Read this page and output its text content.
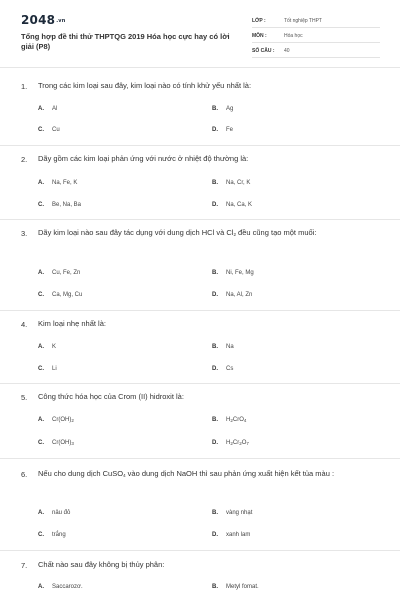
2048.vn
Tổng hợp đề thi thử THPTQG 2019 Hóa học cực hay có lời giải (P8)
LỚP :	Tốt nghiệp THPT
MÔN :	Hóa học
SỐ CÂU : 40
1. Trong các kim loại sau đây, kim loại nào có tính khử yếu nhất là:
A. Al	B. Ag
C. Cu	D. Fe
2. Dãy gồm các kim loại phản ứng với nước ở nhiệt độ thường là:
A. Na, Fe, K	B. Na, Cr, K
C. Be, Na, Ba	D. Na, Ca, K
3. Dãy kim loại nào sau đây tác dụng với dung dịch HCl và $Cl_2$ đều cũng tạo một muối:
A. Cu, Fe, Zn	B. Ni, Fe, Mg
C. Ca, Mg, Cu	D. Na, Al, Zn
4. Kim loại nhẹ nhất là:
A. K	B. Na
C. Li	D. Cs
5. Công thức hóa học của Crom (II) hidroxit là:
A. $Cr(OH)_2$	B. $H_2CrO_4$
C. $Cr(OH)_3$	D. $H_2Cr_2O_7$
6. Nếu cho dung dịch CuSO$_4$ vào dung dịch NaOH thì sau phản ứng xuất hiện kết tủa màu :
A. nâu đỏ	B. vàng nhạt
C. trắng	D. xanh lam
7. Chất nào sau đây không bị thủy phân:
A. Saccarozơ.	B. Metyl fomat.
